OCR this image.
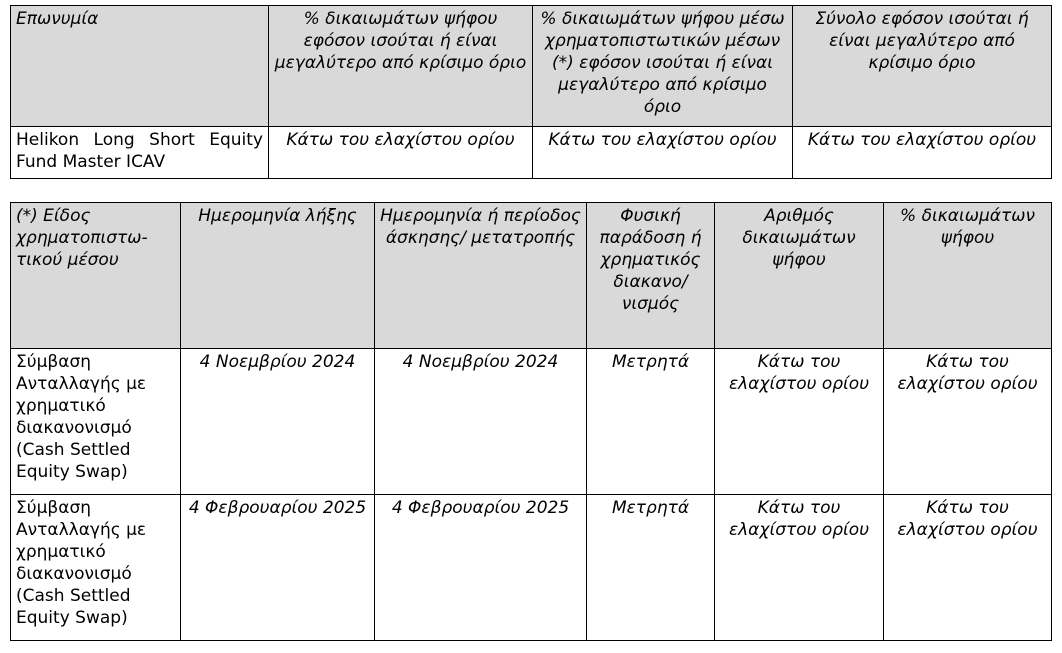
Επωνυμία	% δικαιωμάτων ψήφου εφόσον ισούται ή είναι μεγαλύτερο από κρίσιμο όριο	% δικαιωμάτων ψήφου μέσω χρηματοπιστωτικών μέσων (*) εφόσον ισούται ή είναι μεγαλύτερο από κρίσιμο όριο	Σύνολο εφόσον ισούται ή είναι μεγαλύτερο από κρίσιμο όριο
Helikon Long Short Equity Fund Master ICAV	Κάτω του ελαχίστου ορίου	Κάτω του ελαχίστου ορίου	Κάτω του ελαχίστου ορίου
(*) Είδος χρηματοπιστω-τικού μέσου	Ημερομηνία λήξης	Ημερομηνία ή περίοδος άσκησης/ μετατροπής	Φυσική παράδοση ή χρηματικός διακανο/ νισμός	Αριθμός δικαιωμάτων ψήφου	% δικαιωμάτων ψήφου
Σύμβαση Ανταλλαγής με χρηματικό διακανονισμό (Cash Settled Equity Swap)	4 Νοεμβρίου 2024	4 Νοεμβρίου 2024	Μετρητά	Κάτω του ελαχίστου ορίου	Κάτω του ελαχίστου ορίου
Σύμβαση Ανταλλαγής με χρηματικό διακανονισμό (Cash Settled Equity Swap)	4 Φεβρουαρίου 2025	4 Φεβρουαρίου 2025	Μετρητά	Κάτω του ελαχίστου ορίου	Κάτω του ελαχίστου ορίου
